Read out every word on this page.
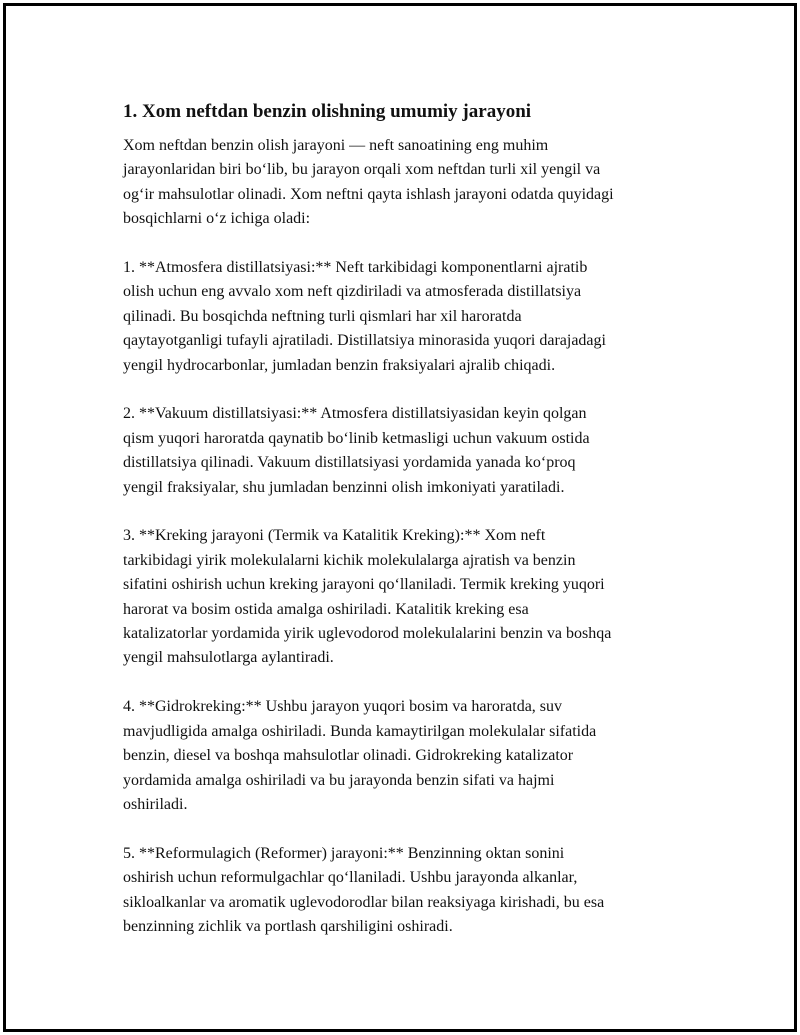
1. Xom neftdan benzin olishning umumiy jarayoni

Xom neftdan benzin olish jarayoni — neft sanoatining eng muhim
jarayonlaridan biri bo‘lib, bu jarayon orqali xom neftdan turli xil yengil va
og‘ir mahsulotlar olinadi. Xom neftni qayta ishlash jarayoni odatda quyidagi
bosqichlarni o‘z ichiga oladi:

1. **Atmosfera distillatsiyasi:** Neft tarkibidagi komponentlarni ajratib
olish uchun eng avvalo xom neft qizdiriladi va atmosferada distillatsiya
qilinadi. Bu bosqichda neftning turli qismlari har xil haroratda
qaytayotganligi tufayli ajratiladi. Distillatsiya minorasida yuqori darajadagi
yengil hydrocarbonlar, jumladan benzin fraksiyalari ajralib chiqadi.

2. **Vakuum distillatsiyasi:** Atmosfera distillatsiyasidan keyin qolgan
qism yuqori haroratda qaynatib bo‘linib ketmasligi uchun vakuum ostida
distillatsiya qilinadi. Vakuum distillatsiyasi yordamida yanada ko‘proq
yengil fraksiyalar, shu jumladan benzinni olish imkoniyati yaratiladi.

3. **Kreking jarayoni (Termik va Katalitik Kreking):** Xom neft
tarkibidagi yirik molekulalarni kichik molekulalarga ajratish va benzin
sifatini oshirish uchun kreking jarayoni qo‘llaniladi. Termik kreking yuqori
harorat va bosim ostida amalga oshiriladi. Katalitik kreking esa
katalizatorlar yordamida yirik uglevodorod molekulalarini benzin va boshqa
yengil mahsulotlarga aylantiradi.

4. **Gidrokreking:** Ushbu jarayon yuqori bosim va haroratda, suv
mavjudligida amalga oshiriladi. Bunda kamaytirilgan molekulalar sifatida
benzin, diesel va boshqa mahsulotlar olinadi. Gidrokreking katalizator
yordamida amalga oshiriladi va bu jarayonda benzin sifati va hajmi
oshiriladi.

5. **Reformulagich (Reformer) jarayoni:** Benzinning oktan sonini
oshirish uchun reformulgachlar qo‘llaniladi. Ushbu jarayonda alkanlar,
sikloalkanlar va aromatik uglevodorodlar bilan reaksiyaga kirishadi, bu esa
benzinning zichlik va portlash qarshiligini oshiradi.
